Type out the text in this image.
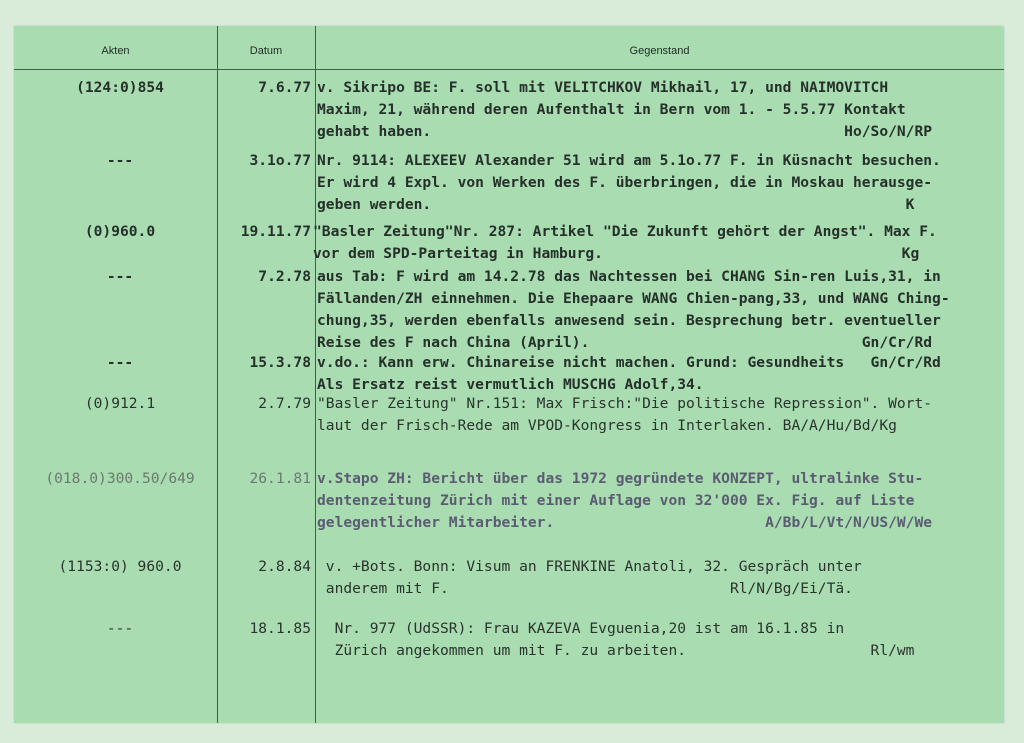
Akten	Datum	Gegenstand
(124:0)854	7.6.77 v. Sikripo BE: F. soll mit VELITCHKOV Mikhail, 17, und NAIMOVITCH
Maxim, 21, während deren Aufenthalt in Bern vom 1. - 5.5.77 Kontakt
gehabt haben.                                               Ho/So/N/RP
---	3.1o.77 Nr. 9114: ALEXEEV Alexander 51 wird am 5.1o.77 F. in Küsnacht besuchen.
Er wird 4 Expl. von Werken des F. überbringen, die in Moskau herausge-
geben werden.                                                      K
(0)960.0	19.11.77 "Basler Zeitung"Nr. 287: Artikel "Die Zukunft gehört der Angst". Max F.
vor dem SPD-Parteitag in Hamburg.                                  Kg
---	7.2.78 aus Tab: F wird am 14.2.78 das Nachtessen bei CHANG Sin-ren Luis,31, in
Fällanden/ZH einnehmen. Die Ehepaare WANG Chien-pang,33, und WANG Ching-
chung,35, werden ebenfalls anwesend sein. Besprechung betr. eventueller
Reise des F nach China (April).                               Gn/Cr/Rd
---	15.3.78 v.do.: Kann erw. Chinareise nicht machen. Grund: Gesundheits   Gn/Cr/Rd
Als Ersatz reist vermutlich MUSCHG Adolf,34.
(0)912.1	2.7.79 "Basler Zeitung" Nr.151: Max Frisch:"Die politische Repression". Wort-
laut der Frisch-Rede am VPOD-Kongress in Interlaken. BA/A/Hu/Bd/Kg
(018.0)300.50/649	26.1.81 v.Stapo ZH: Bericht über das 1972 gegründete KONZEPT, ultralinke Stu-
dentenzeitung Zürich mit einer Auflage von 32'000 Ex. Fig. auf Liste
gelegentlicher Mitarbeiter.                        A/Bb/L/Vt/N/US/W/We
(1153:0) 960.0	2.8.84	v. +Bots. Bonn: Visum an FRENKINE Anatoli, 32. Gespräch unter
anderem mit F.                                Rl/N/Bg/Ei/Tä.
---	18.1.85	Nr. 977 (UdSSR): Frau KAZEVA Evguenia,20 ist am 16.1.85 in
Zürich angekommen um mit F. zu arbeiten.                     Rl/wm
